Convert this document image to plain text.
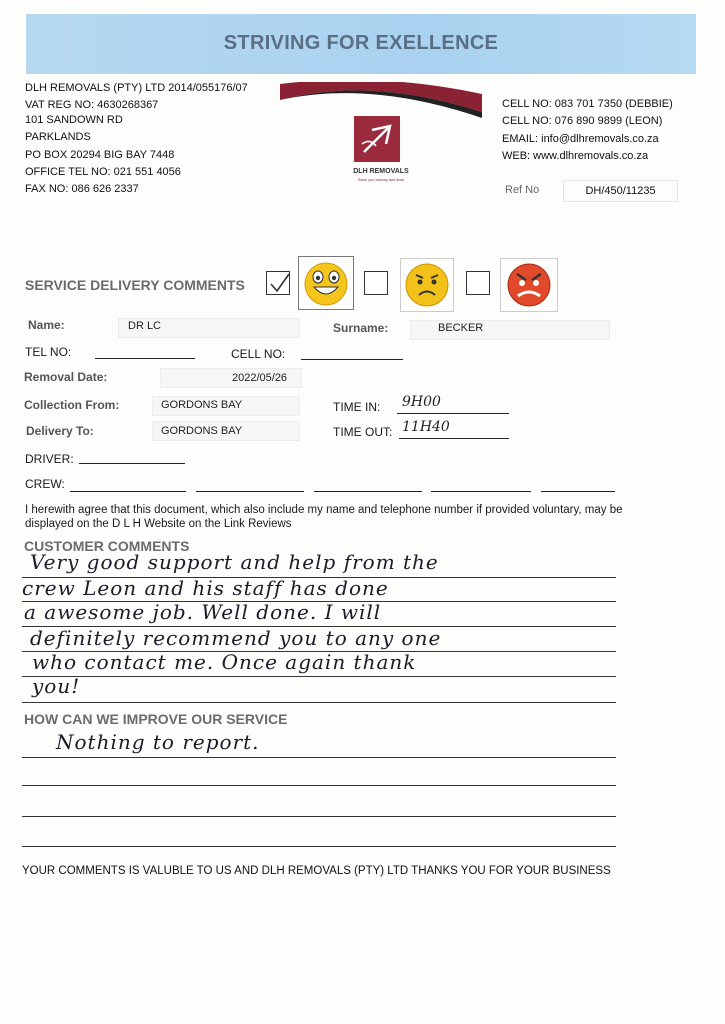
STRIVING FOR EXELLENCE
DLH REMOVALS (PTY) LTD 2014/055176/07
VAT REG NO: 4630268367
101 SANDOWN RD
PARKLANDS
PO BOX 20294 BIG BAY 7448
OFFICE TEL NO: 021 551 4056
FAX NO: 086 626 2337
DLH REMOVALS
Save you money and time
CELL NO: 083 701 7350 (DEBBIE)
CELL NO: 076 890 9899 (LEON)
EMAIL: info@dlhremovals.co.za
WEB: www.dlhremovals.co.za
Ref No	DH/450/11235
SERVICE DELIVERY COMMENTS
Name:	DR LC	Surname:	BECKER
TEL NO:	CELL NO:
Removal Date:	2022/05/26
Collection From:	GORDONS BAY	TIME IN: 9H00
Delivery To:	GORDONS BAY	TIME OUT: 11H40
DRIVER:
CREW:
I herewith agree that this document, which also include my name and telephone number if provided voluntary, may be displayed on the D L H Website on the Link Reviews
CUSTOMER COMMENTS
Very good support and help from the
crew Leon and his staff has done
a awesome job. Well done. I will
definitely recommend you to any one
who contact me. Once again thank
you!
HOW CAN WE IMPROVE OUR SERVICE
Nothing to report.
YOUR COMMENTS IS VALUBLE TO US AND DLH REMOVALS (PTY) LTD THANKS YOU FOR YOUR BUSINESS
